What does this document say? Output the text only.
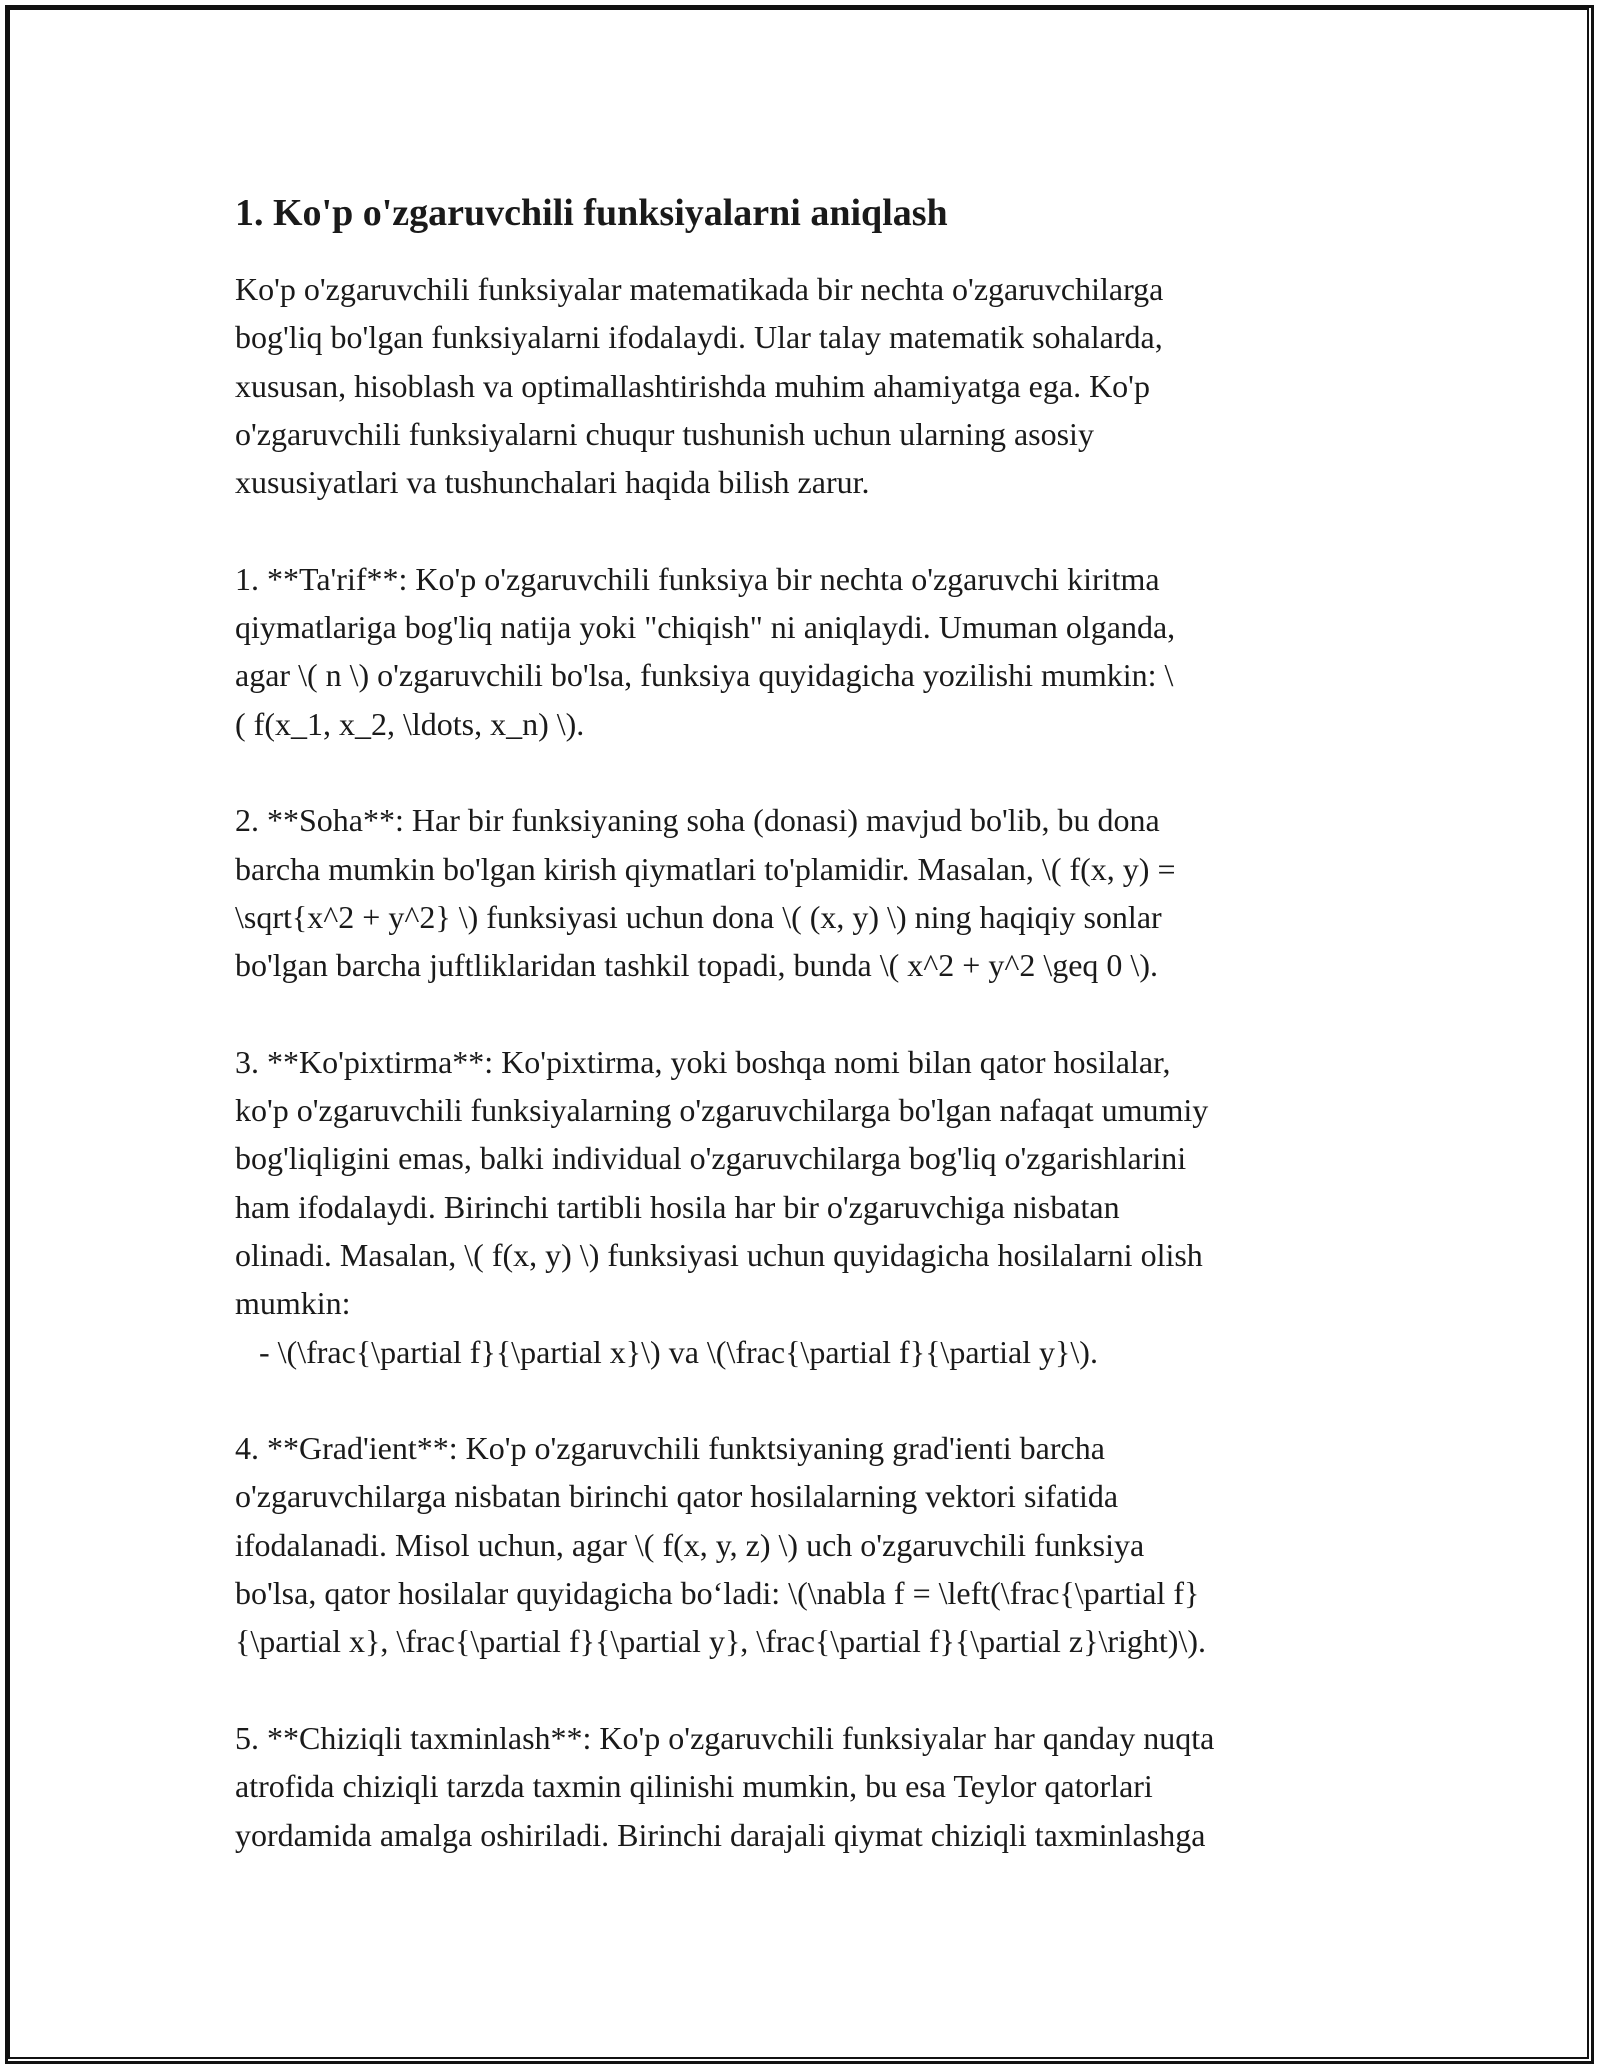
1. Ko'p o'zgaruvchili funksiyalarni aniqlash
Ko'p o'zgaruvchili funksiyalar matematikada bir nechta o'zgaruvchilarga
bog'liq bo'lgan funksiyalarni ifodalaydi. Ular talay matematik sohalarda,
xususan, hisoblash va optimallashtirishda muhim ahamiyatga ega. Ko'p
o'zgaruvchili funksiyalarni chuqur tushunish uchun ularning asosiy
xususiyatlari va tushunchalari haqida bilish zarur.
1. **Ta'rif**: Ko'p o'zgaruvchili funksiya bir nechta o'zgaruvchi kiritma
qiymatlariga bog'liq natija yoki "chiqish" ni aniqlaydi. Umuman olganda,
agar \( n \) o'zgaruvchili bo'lsa, funksiya quyidagicha yozilishi mumkin: \
( f(x_1, x_2, \ldots, x_n) \).
2. **Soha**: Har bir funksiyaning soha (donasi) mavjud bo'lib, bu dona
barcha mumkin bo'lgan kirish qiymatlari to'plamidir. Masalan, \( f(x, y) =
\sqrt{x^2 + y^2} \) funksiyasi uchun dona \( (x, y) \) ning haqiqiy sonlar
bo'lgan barcha juftliklaridan tashkil topadi, bunda \( x^2 + y^2 \geq 0 \).
3. **Ko'pixtirma**: Ko'pixtirma, yoki boshqa nomi bilan qator hosilalar,
ko'p o'zgaruvchili funksiyalarning o'zgaruvchilarga bo'lgan nafaqat umumiy
bog'liqligini emas, balki individual o'zgaruvchilarga bog'liq o'zgarishlarini
ham ifodalaydi. Birinchi tartibli hosila har bir o'zgaruvchiga nisbatan
olinadi. Masalan, \( f(x, y) \) funksiyasi uchun quyidagicha hosilalarni olish
mumkin:
- \(\frac{\partial f}{\partial x}\) va \(\frac{\partial f}{\partial y}\).
4. **Grad'ient**: Ko'p o'zgaruvchili funktsiyaning grad'ienti barcha
o'zgaruvchilarga nisbatan birinchi qator hosilalarning vektori sifatida
ifodalanadi. Misol uchun, agar \( f(x, y, z) \) uch o'zgaruvchili funksiya
bo'lsa, qator hosilalar quyidagicha bo‘ladi: \(\nabla f = \left(\frac{\partial f}
{\partial x}, \frac{\partial f}{\partial y}, \frac{\partial f}{\partial z}\right)\).
5. **Chiziqli taxminlash**: Ko'p o'zgaruvchili funksiyalar har qanday nuqta
atrofida chiziqli tarzda taxmin qilinishi mumkin, bu esa Teylor qatorlari
yordamida amalga oshiriladi. Birinchi darajali qiymat chiziqli taxminlashga
